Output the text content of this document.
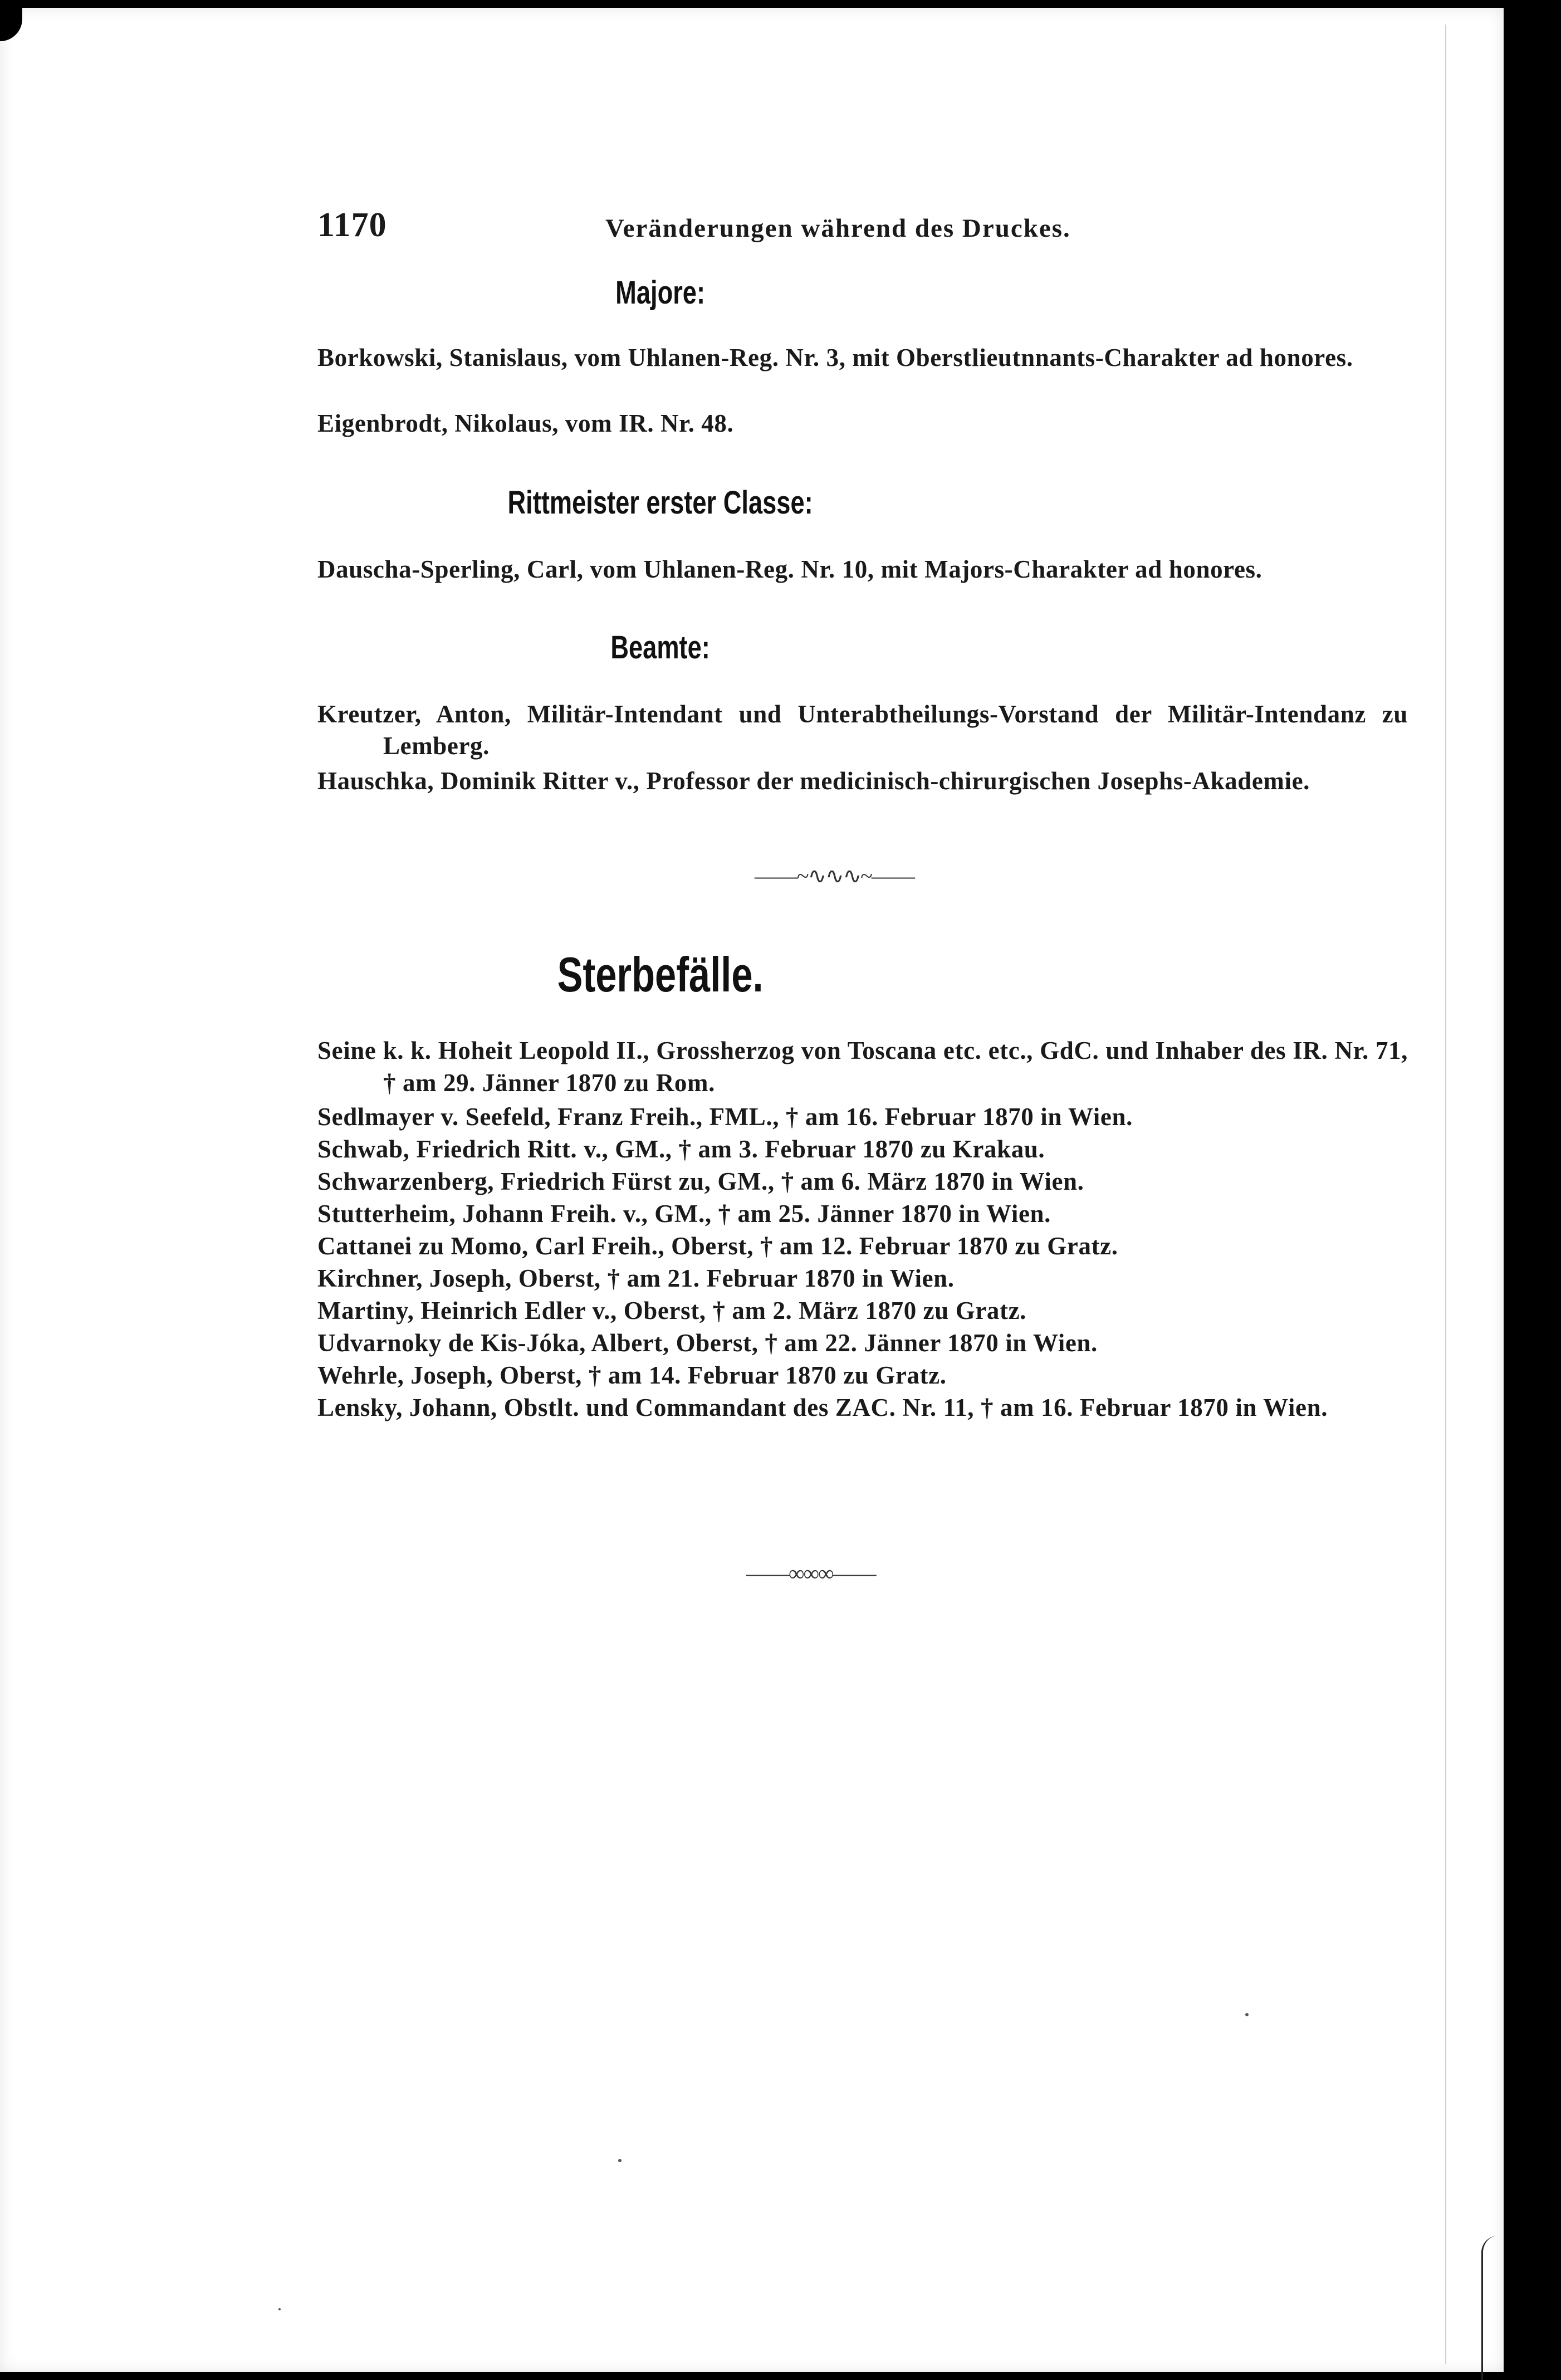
1170	Veränderungen während des Druckes.
Majore:
Borkowski, Stanislaus, vom Uhlanen-Reg. Nr. 3, mit Oberstlieutnnants-Charakter ad honores.
Eigenbrodt, Nikolaus, vom IR. Nr. 48.
Rittmeister erster Classe:
Dauscha-Sperling, Carl, vom Uhlanen-Reg. Nr. 10, mit Majors-Charakter ad honores.
Beamte:
Kreutzer, Anton, Militär-Intendant und Unterabtheilungs-Vorstand der Militär-Intendanz zu Lemberg.
Hauschka, Dominik Ritter v., Professor der medicinisch-chirurgischen Josephs-Akademie.
——~∿∿∿~——
Sterbefälle.
Seine k. k. Hoheit Leopold II., Grossherzog von Toscana etc. etc., GdC. und Inhaber des IR. Nr. 71, † am 29. Jänner 1870 zu Rom.
Sedlmayer v. Seefeld, Franz Freih., FML., † am 16. Februar 1870 in Wien.
Schwab, Friedrich Ritt. v., GM., † am 3. Februar 1870 zu Krakau.
Schwarzenberg, Friedrich Fürst zu, GM., † am 6. März 1870 in Wien.
Stutterheim, Johann Freih. v., GM., † am 25. Jänner 1870 in Wien.
Cattanei zu Momo, Carl Freih., Oberst, † am 12. Februar 1870 zu Gratz.
Kirchner, Joseph, Oberst, † am 21. Februar 1870 in Wien.
Martiny, Heinrich Edler v., Oberst, † am 2. März 1870 zu Gratz.
Udvarnoky de Kis-Jóka, Albert, Oberst, † am 22. Jänner 1870 in Wien.
Wehrle, Joseph, Oberst, † am 14. Februar 1870 zu Gratz.
Lensky, Johann, Obstlt. und Commandant des ZAC. Nr. 11, † am 16. Februar 1870 in Wien.
——∞∞∞——
